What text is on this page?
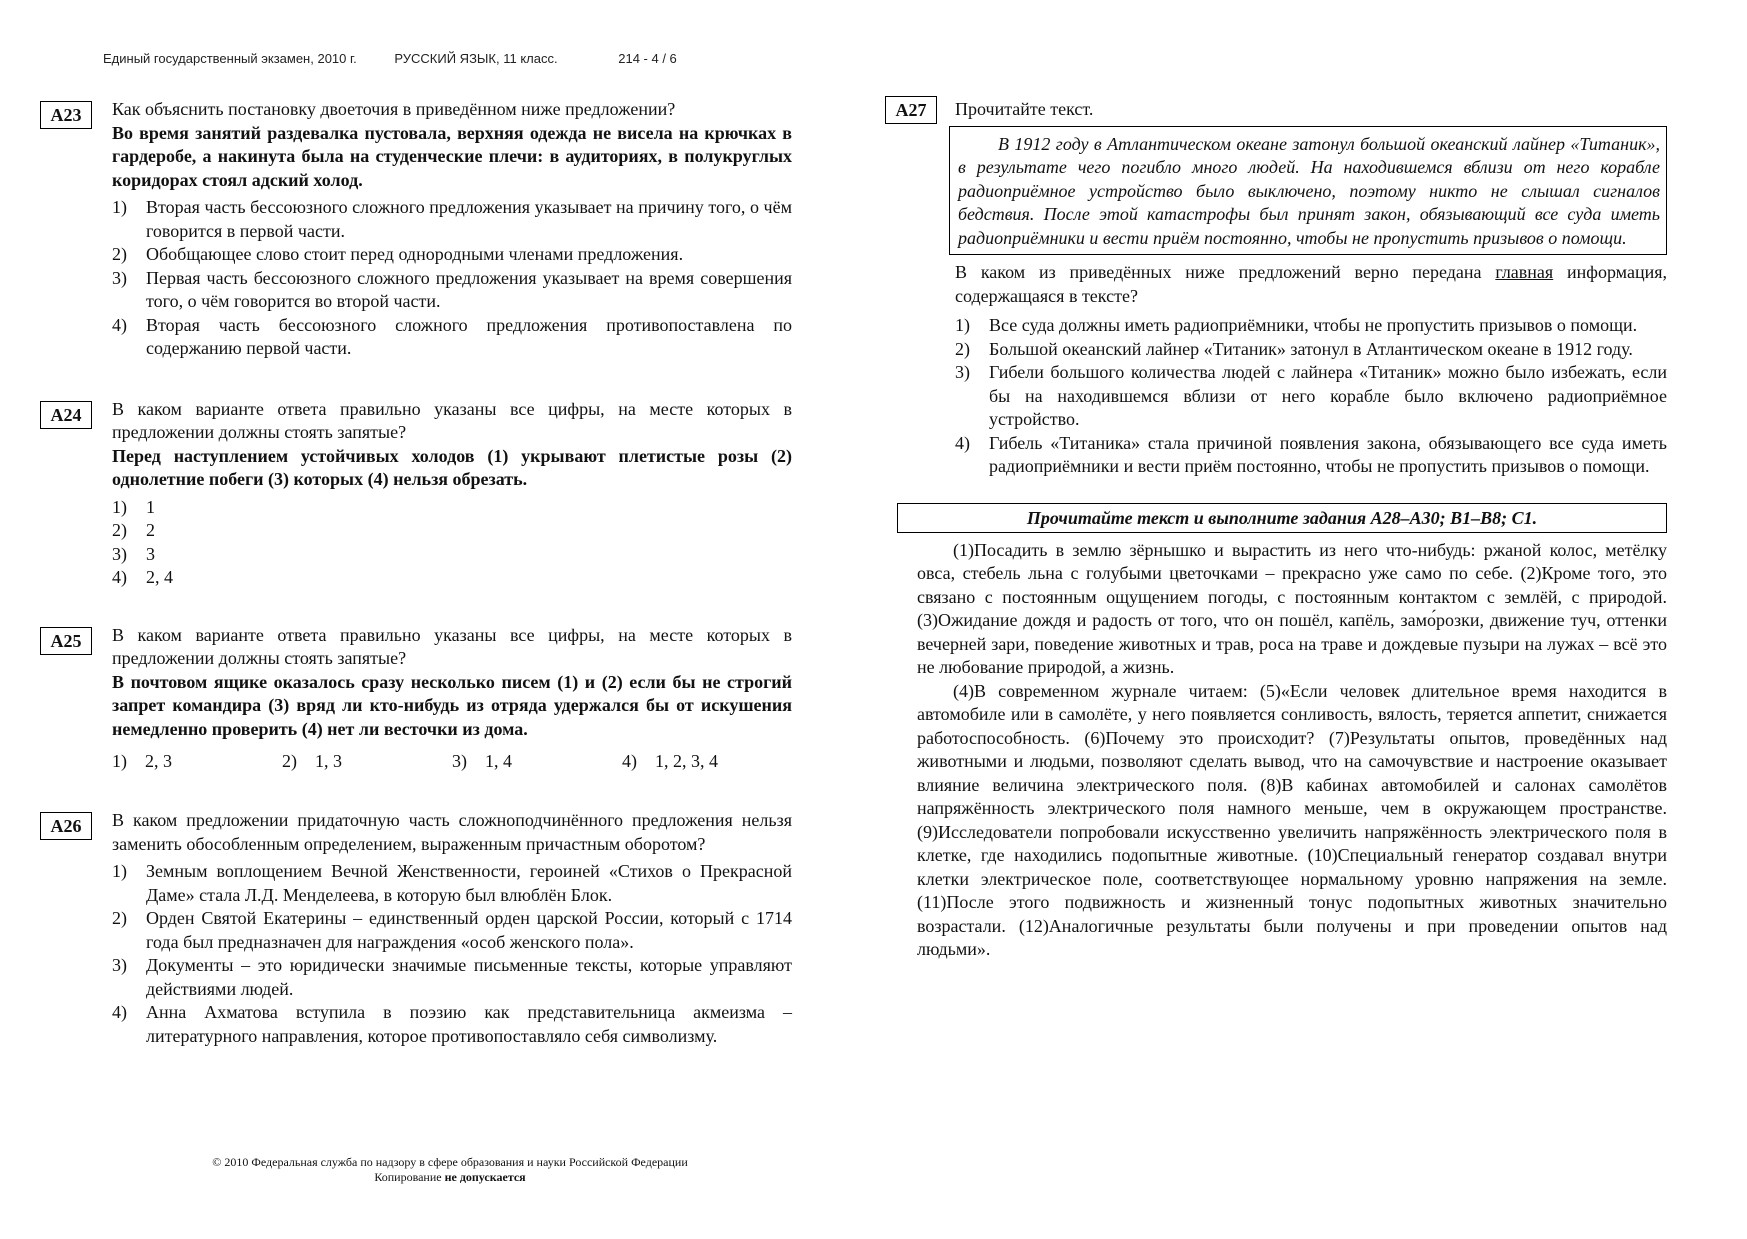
Единый государственный экзамен, 2010 г.	РУССКИЙ ЯЗЫК, 11 класс.	214 - 4 / 6
A23	Как объяснить постановку двоеточия в приведённом ниже предложении?
Во время занятий раздевалка пустовала, верхняя одежда не висела на крючках в гардеробе, а накинута была на студенческие плечи: в аудиториях, в полукруглых коридорах стоял адский холод.
1) Вторая часть бессоюзного сложного предложения указывает на причину того, о чём говорится в первой части.
2) Обобщающее слово стоит перед однородными членами предложения.
3) Первая часть бессоюзного сложного предложения указывает на время совершения того, о чём говорится во второй части.
4) Вторая часть бессоюзного сложного предложения противопоставлена по содержанию первой части.
A24	В каком варианте ответа правильно указаны все цифры, на месте которых в предложении должны стоять запятые?
Перед наступлением устойчивых холодов (1) укрывают плетистые розы (2) однолетние побеги (3) которых (4) нельзя обрезать.
1) 1
2) 2
3) 3
4) 2, 4
A25	В каком варианте ответа правильно указаны все цифры, на месте которых в предложении должны стоять запятые?
В почтовом ящике оказалось сразу несколько писем (1) и (2) если бы не строгий запрет командира (3) вряд ли кто-нибудь из отряда удержался бы от искушения немедленно проверить (4) нет ли весточки из дома.
1)    2, 3	2)    1, 3	3)    1, 4	4)    1, 2, 3, 4
A26	В каком предложении придаточную часть сложноподчинённого предложения нельзя заменить обособленным определением, выраженным причастным оборотом?
1) Земным воплощением Вечной Женственности, героиней «Стихов о Прекрасной Даме» стала Л.Д. Менделеева, в которую был влюблён Блок.
2) Орден Святой Екатерины – единственный орден царской России, который с 1714 года был предназначен для награждения «особ женского пола».
3) Документы – это юридически значимые письменные тексты, которые управляют действиями людей.
4) Анна Ахматова вступила в поэзию как представительница акмеизма – литературного направления, которое противопоставляло себя символизму.
A27	Прочитайте текст.
В 1912 году в Атлантическом океане затонул большой океанский лайнер «Титаник», в результате чего погибло много людей. На находившемся вблизи от него корабле радиоприёмное устройство было выключено, поэтому никто не слышал сигналов бедствия. После этой катастрофы был принят закон, обязывающий все суда иметь радиоприёмники и вести приём постоянно, чтобы не пропустить призывов о помощи.
В каком из приведённых ниже предложений верно передана главная информация, содержащаяся в тексте?
1) Все суда должны иметь радиоприёмники, чтобы не пропустить призывов о помощи.
2) Большой океанский лайнер «Титаник» затонул в Атлантическом океане в 1912 году.
3) Гибели большого количества людей с лайнера «Титаник» можно было избежать, если бы на находившемся вблизи от него корабле было включено радиоприёмное устройство.
4) Гибель «Титаника» стала причиной появления закона, обязывающего все суда иметь радиоприёмники и вести приём постоянно, чтобы не пропустить призывов о помощи.
Прочитайте текст и выполните задания А28–А30; В1–В8; С1.

(1)Посадить в землю зёрнышко и вырастить из него что-нибудь: ржаной колос, метёлку овса, стебель льна с голубыми цветочками – прекрасно уже само по себе. (2)Кроме того, это связано с постоянным ощущением погоды, с постоянным контактом с землёй, с природой. (3)Ожидание дождя и радость от того, что он пошёл, капёль, замо́розки, движение туч, оттенки вечерней зари, поведение животных и трав, роса на траве и дождевые пузыри на лужах – всё это не любование природой, а жизнь.

(4)В современном журнале читаем: (5)«Если человек длительное время находится в автомобиле или в самолёте, у него появляется сонливость, вялость, теряется аппетит, снижается работоспособность. (6)Почему это происходит? (7)Результаты опытов, проведённых над животными и людьми, позволяют сделать вывод, что на самочувствие и настроение оказывает влияние величина электрического поля. (8)В кабинах автомобилей и салонах самолётов напряжённость электрического поля намного меньше, чем в окружающем пространстве. (9)Исследователи попробовали искусственно увеличить напряжённость электрического поля в клетке, где находились подопытные животные. (10)Специальный генератор создавал внутри клетки электрическое поле, соответствующее нормальному уровню напряжения на земле. (11)После этого подвижность и жизненный тонус подопытных животных значительно возрастали. (12)Аналогичные результаты были получены и при проведении опытов над людьми».

© 2010 Федеральная служба по надзору в сфере образования и науки Российской Федерации
Копирование не допускается
